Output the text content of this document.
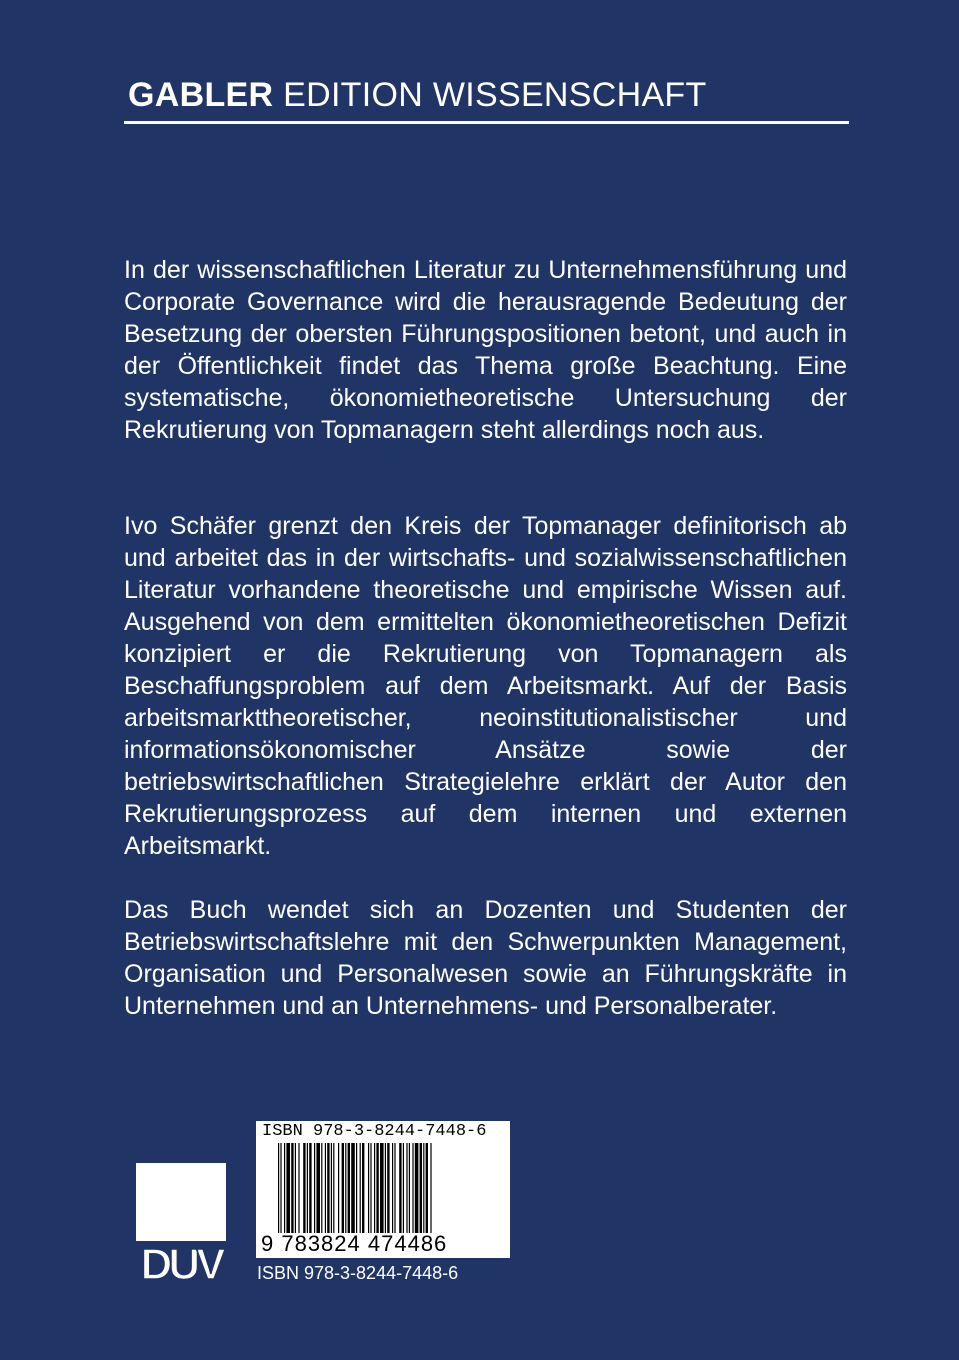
GABLER EDITION WISSENSCHAFT

In der wissenschaftlichen Literatur zu Unternehmensführung und Corporate Governance wird die herausragende Bedeutung der Besetzung der obersten Führungspositionen betont, und auch in der Öffentlichkeit findet das Thema große Beachtung. Eine systematische, ökonomietheoretische Untersuchung der Rekrutierung von Topmanagern steht allerdings noch aus.

Ivo Schäfer grenzt den Kreis der Topmanager definitorisch ab und arbeitet das in der wirtschafts- und sozialwissenschaftlichen Literatur vorhandene theoretische und empirische Wissen auf. Ausgehend von dem ermittelten ökonomietheoretischen Defizit konzipiert er die Rekrutierung von Topmanagern als Beschaffungsproblem auf dem Arbeitsmarkt. Auf der Basis arbeitsmarkttheoretischer, neoinstitutionalistischer und informationsökonomischer Ansätze sowie der betriebswirtschaftlichen Strategielehre erklärt der Autor den Rekrutierungsprozess auf dem internen und externen Arbeitsmarkt.

Das Buch wendet sich an Dozenten und Studenten der Betriebswirtschaftslehre mit den Schwerpunkten Management, Organisation und Personalwesen sowie an Führungskräfte in Unternehmen und an Unternehmens- und Personalberater.

ISBN 978-3-8244-7448-6
9 783824 474486
ISBN 978-3-8244-7448-6
DUV
